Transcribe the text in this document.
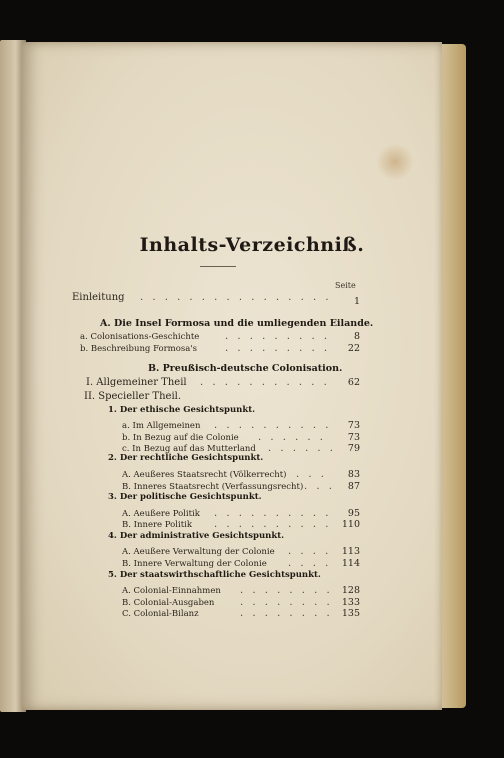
Inhalts-Verzeichniß.
Seite
Einleitung . . . . . . . . . . . . . . . .	1
A. Die Insel Formosa und die umliegenden Eilande.
a. Colonisations-Geschichte	. . . . . . . . .	8
b. Beschreibung Formosa's	. . . . . . . . .	22
B. Preußisch-deutsche Colonisation.
I. Allgemeiner Theil . . . . . . . . . . .	62
II. Specieller Theil.
1. Der ethische Gesichtspunkt.
a. Im Allgemeinen . . . . . . . . . .	73
b. In Bezug auf die Colonie . . . . . .	73
c. In Bezug auf das Mutterland . . . . . .	79
2. Der rechtliche Gesichtspunkt.
A. Aeußeres Staatsrecht (Völkerrecht) . . .	83
B. Inneres Staatsrecht (Verfassungsrecht) . . .	87
3. Der politische Gesichtspunkt.
A. Aeußere Politik . . . . . . . . . .	95
B. Innere Politik . . . . . . . . . .	110
4. Der administrative Gesichtspunkt.
A. Aeußere Verwaltung der Colonie . . . .	113
B. Innere Verwaltung der Colonie . . . .	114
5. Der staatswirthschaftliche Gesichtspunkt.
A. Colonial-Einnahmen . . . . . . . . 128
B. Colonial-Ausgaben	. . . . . . . . 133
C. Colonial-Bilanz	. . . . . . . . 135
